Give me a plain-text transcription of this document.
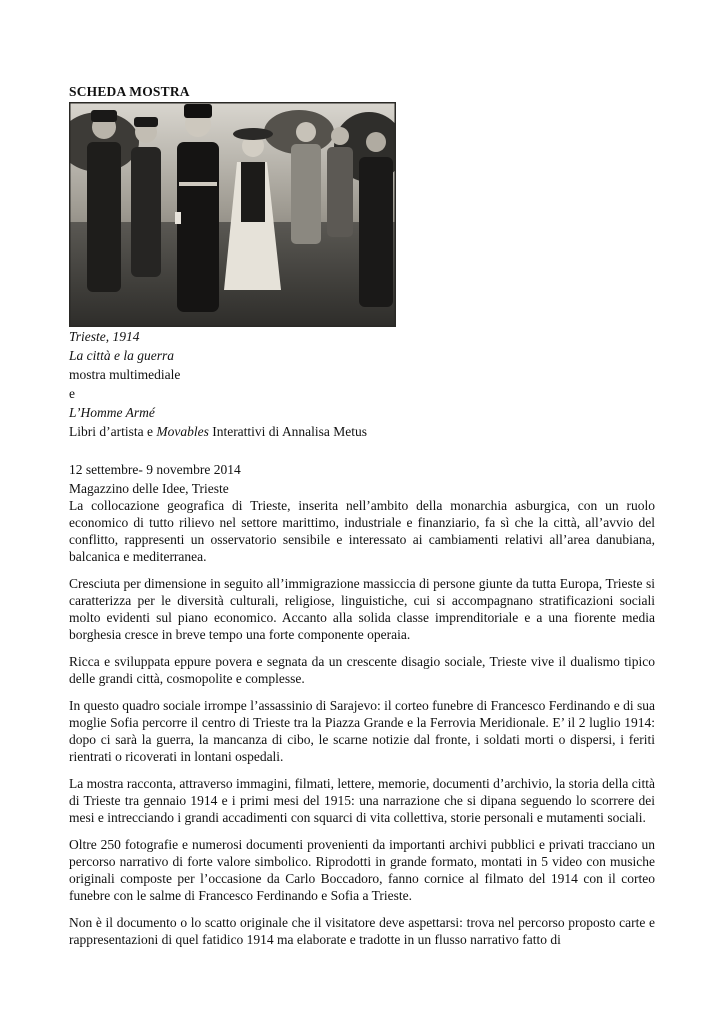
SCHEDA MOSTRA
Trieste, 1914
La città e la guerra
mostra multimediale
e
L’Homme Armé
Libri d’artista e Movables Interattivi di Annalisa Metus
12 settembre- 9 novembre 2014
Magazzino delle Idee, Trieste

La collocazione geografica di Trieste, inserita nell’ambito della monarchia asburgica, con un ruolo economico di tutto rilievo nel settore marittimo, industriale e finanziario, fa sì che la città, all’avvio del conflitto, rappresenti un osservatorio sensibile e interessato ai cambiamenti relativi all’area danubiana, balcanica e mediterranea.

Cresciuta per dimensione in seguito all’immigrazione massiccia di persone giunte da tutta Europa, Trieste si caratterizza per le diversità culturali, religiose, linguistiche, cui si accompagnano stratificazioni sociali molto evidenti sul piano economico. Accanto alla solida classe imprenditoriale e a una fiorente media borghesia cresce in breve tempo una forte componente operaia.

Ricca e sviluppata eppure povera e segnata da un crescente disagio sociale, Trieste vive il dualismo tipico delle grandi città, cosmopolite e complesse.

In questo quadro sociale irrompe l’assassinio di Sarajevo: il corteo funebre di Francesco Ferdinando e di sua moglie Sofia percorre il centro di Trieste tra la Piazza Grande e la Ferrovia Meridionale. E’ il 2 luglio 1914: dopo ci sarà la guerra, la mancanza di cibo, le scarne notizie dal fronte, i soldati morti o dispersi, i feriti rientrati o ricoverati in lontani ospedali.

La mostra racconta, attraverso immagini, filmati, lettere, memorie, documenti d’archivio, la storia della città di Trieste tra gennaio 1914 e i primi mesi del 1915: una narrazione che si dipana seguendo lo scorrere dei mesi e intrecciando i grandi accadimenti con squarci di vita collettiva, storie personali e mutamenti sociali.

Oltre 250 fotografie e numerosi documenti provenienti da importanti archivi pubblici e privati tracciano un percorso narrativo di forte valore simbolico. Riprodotti in grande formato, montati in 5 video con musiche originali composte per l’occasione da Carlo Boccadoro, fanno cornice al filmato del 1914 con il corteo funebre con le salme di Francesco Ferdinando e Sofia a Trieste.

Non è il documento o lo scatto originale che il visitatore deve aspettarsi: trova nel percorso proposto carte e rappresentazioni di quel fatidico 1914 ma elaborate e tradotte in un flusso narrativo fatto di
